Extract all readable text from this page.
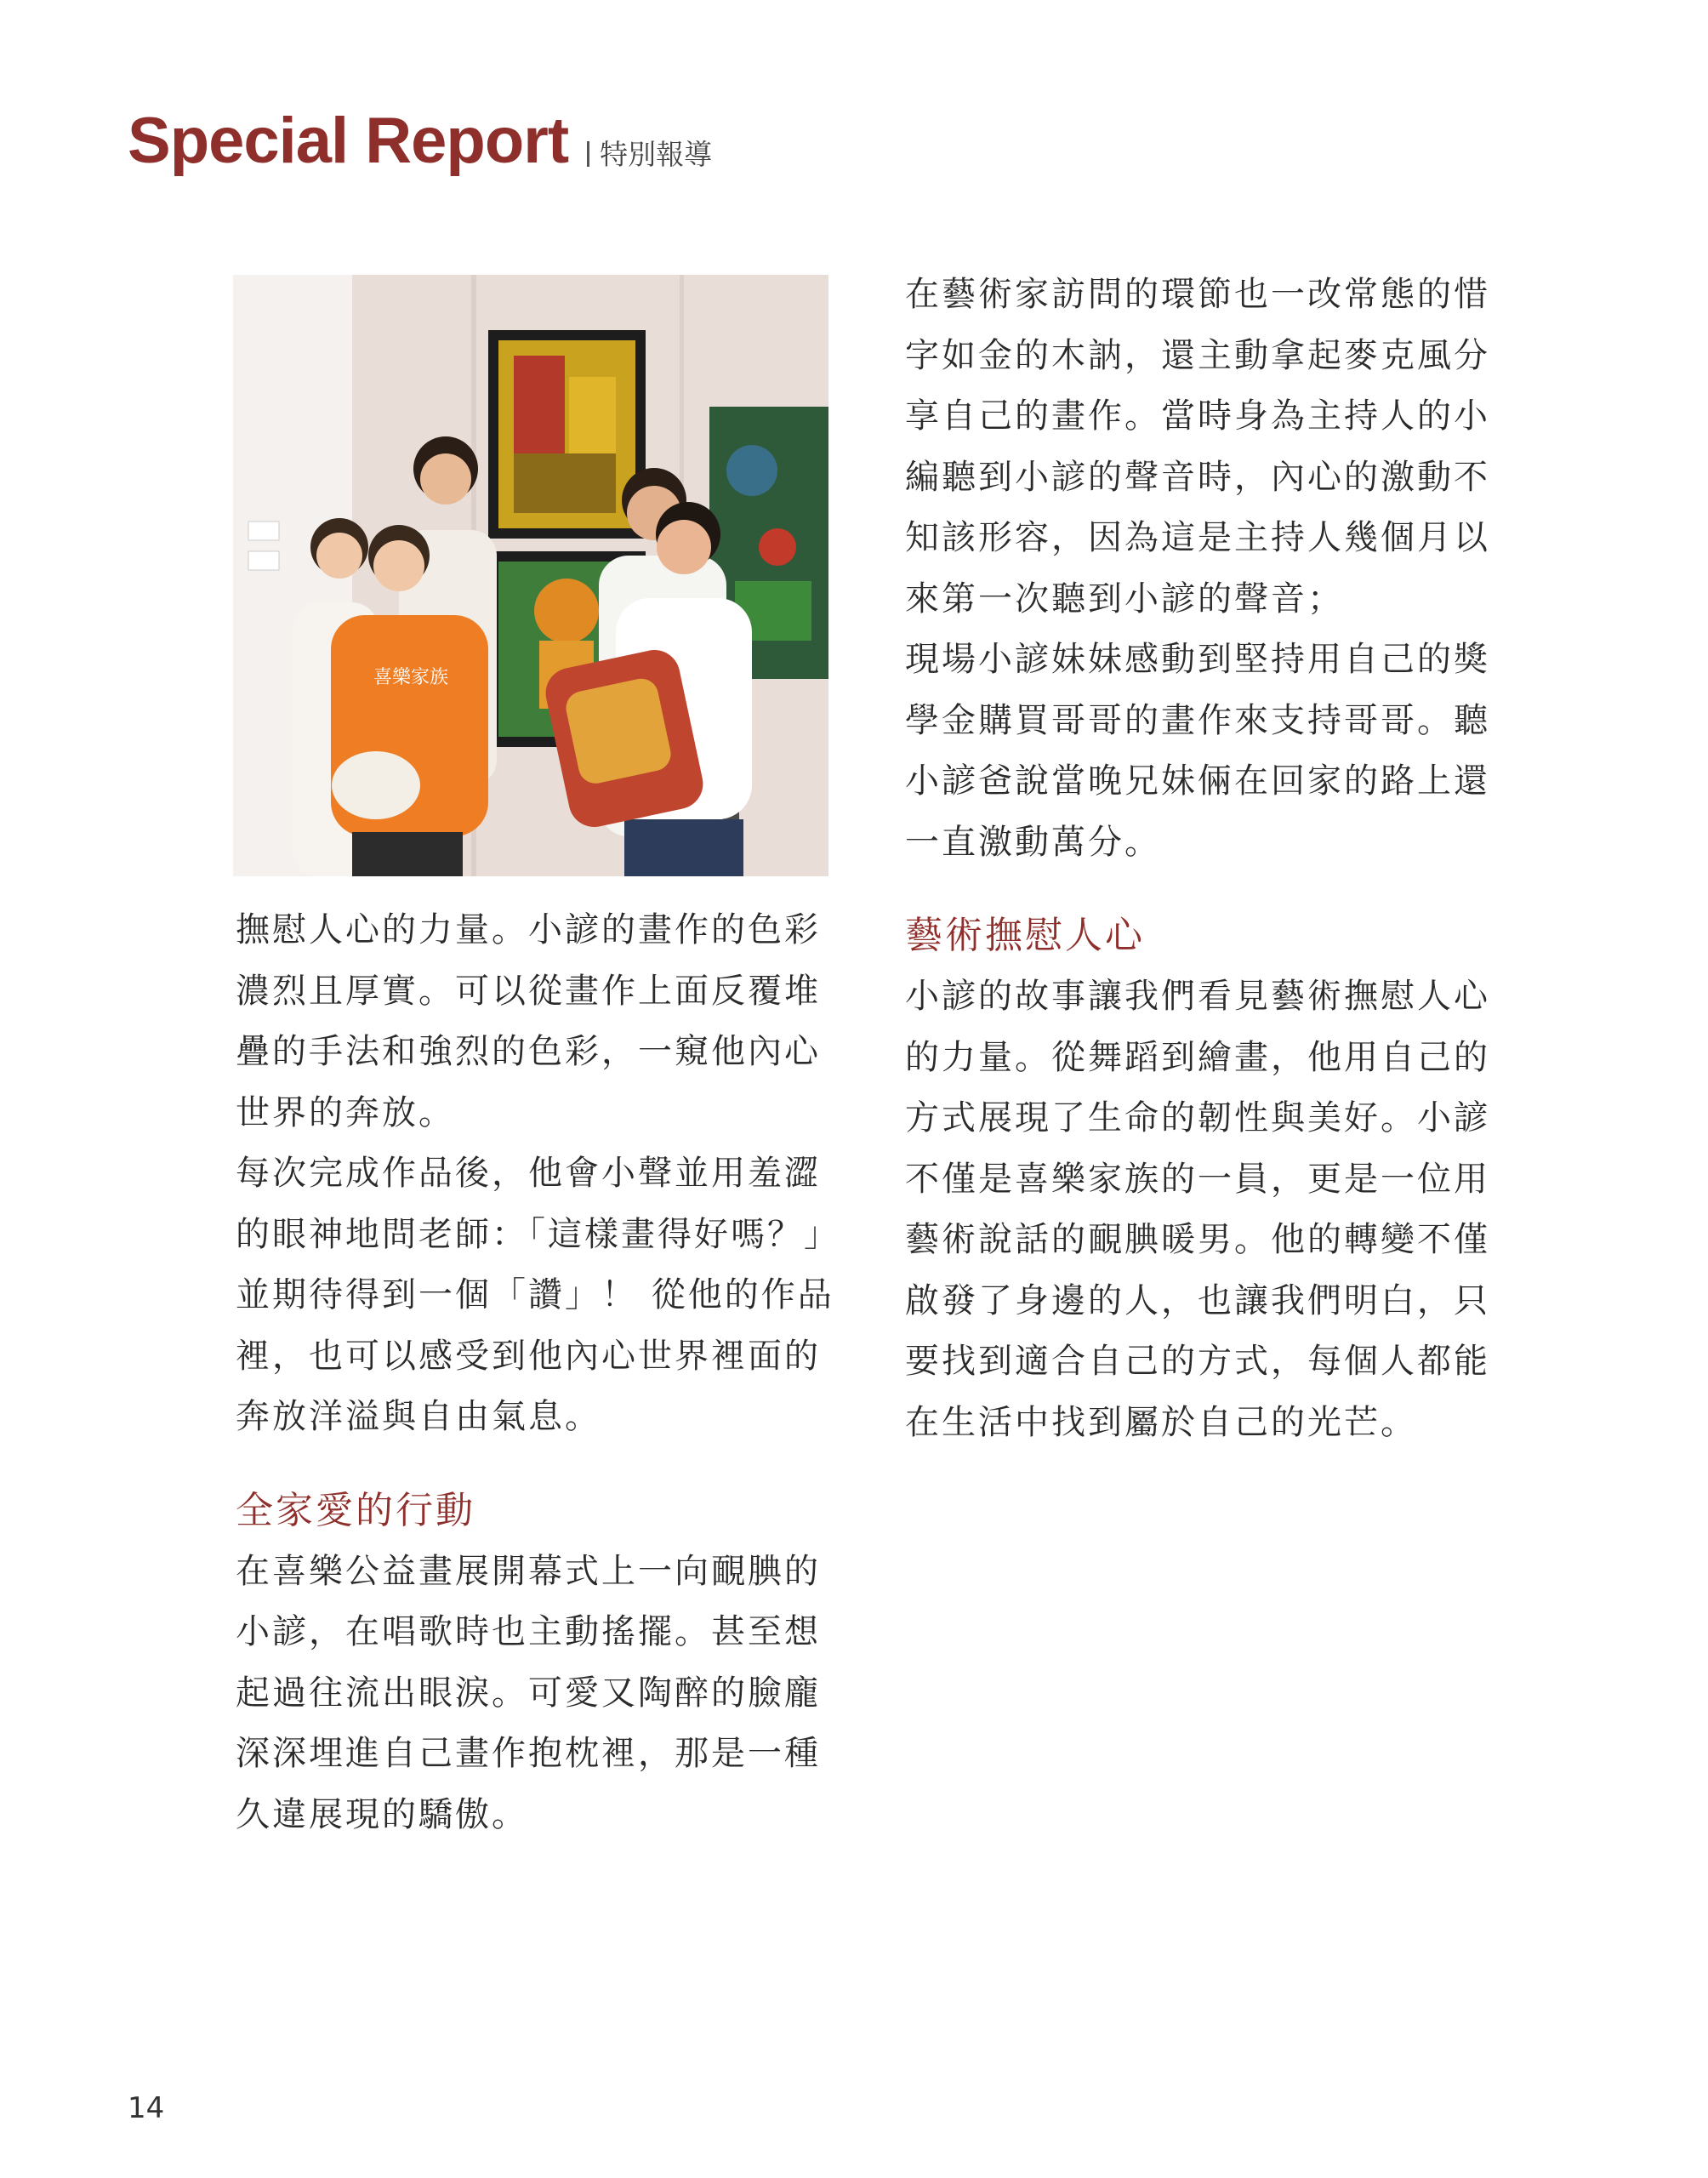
Special Report 特別報導
喜樂家族

撫慰人心的力量。小諺的畫作的色彩濃烈且厚實。可以從畫作上面反覆堆疊的手法和強烈的色彩，一窺他內心世界的奔放。

每次完成作品後，他會小聲並用羞澀的眼神地問老師：「這樣畫得好嗎？」並期待得到一個「讚」！ 從他的作品裡，也可以感受到他內心世界裡面的奔放洋溢與自由氣息。

全家愛的行動

在喜樂公益畫展開幕式上一向靦腆的小諺，在唱歌時也主動搖擺。甚至想起過往流出眼淚。可愛又陶醉的臉龐深深埋進自己畫作抱枕裡，那是一種久違展現的驕傲。

在藝術家訪問的環節也一改常態的惜字如金的木訥，還主動拿起麥克風分享自己的畫作。當時身為主持人的小編聽到小諺的聲音時，內心的激動不知該形容，因為這是主持人幾個月以來第一次聽到小諺的聲音；

現場小諺妹妹感動到堅持用自己的獎學金購買哥哥的畫作來支持哥哥。聽小諺爸說當晚兄妹倆在回家的路上還一直激動萬分。

藝術撫慰人心

小諺的故事讓我們看見藝術撫慰人心的力量。從舞蹈到繪畫，他用自己的方式展現了生命的韌性與美好。小諺不僅是喜樂家族的一員，更是一位用藝術說話的靦腆暖男。他的轉變不僅啟發了身邊的人，也讓我們明白，只要找到適合自己的方式，每個人都能在生活中找到屬於自己的光芒。

14
